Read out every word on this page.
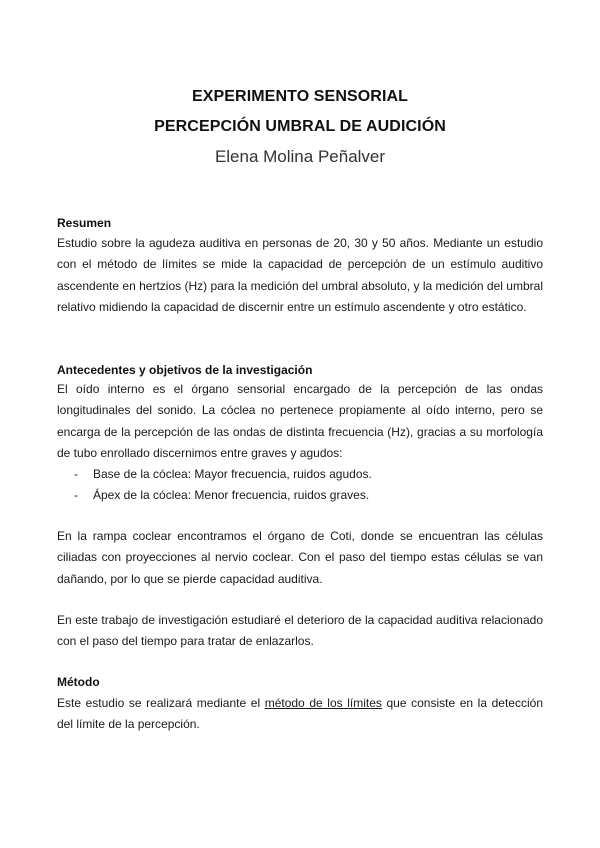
EXPERIMENTO SENSORIAL
PERCEPCIÓN UMBRAL DE AUDICIÓN
Elena Molina Peñalver
Resumen
Estudio sobre la agudeza auditiva en personas de 20, 30 y 50 años. Mediante un estudio con el método de límites se mide la capacidad de percepción de un estímulo auditivo ascendente en hertzios (Hz) para la medición del umbral absoluto, y la medición del umbral relativo midiendo la capacidad de discernir entre un estímulo ascendente y otro estático.
Antecedentes y objetivos de la investigación
El oído interno es el órgano sensorial encargado de la percepción de las ondas longitudinales del sonido. La cóclea no pertenece propiamente al oído interno, pero se encarga de la percepción de las ondas de distinta frecuencia (Hz), gracias a su morfología de tubo enrollado discernimos entre graves y agudos:
- Base de la cóclea: Mayor frecuencia, ruidos agudos.
- Ápex de la cóclea: Menor frecuencia, ruidos graves.
En la rampa coclear encontramos el órgano de Coti, donde se encuentran las células ciliadas con proyecciones al nervio coclear. Con el paso del tiempo estas células se van dañando, por lo que se pierde capacidad auditiva.
En este trabajo de investigación estudiaré el deterioro de la capacidad auditiva relacionado con el paso del tiempo para tratar de enlazarlos.
Método
Este estudio se realizará mediante el método de los límites que consiste en la detección del límite de la percepción.
